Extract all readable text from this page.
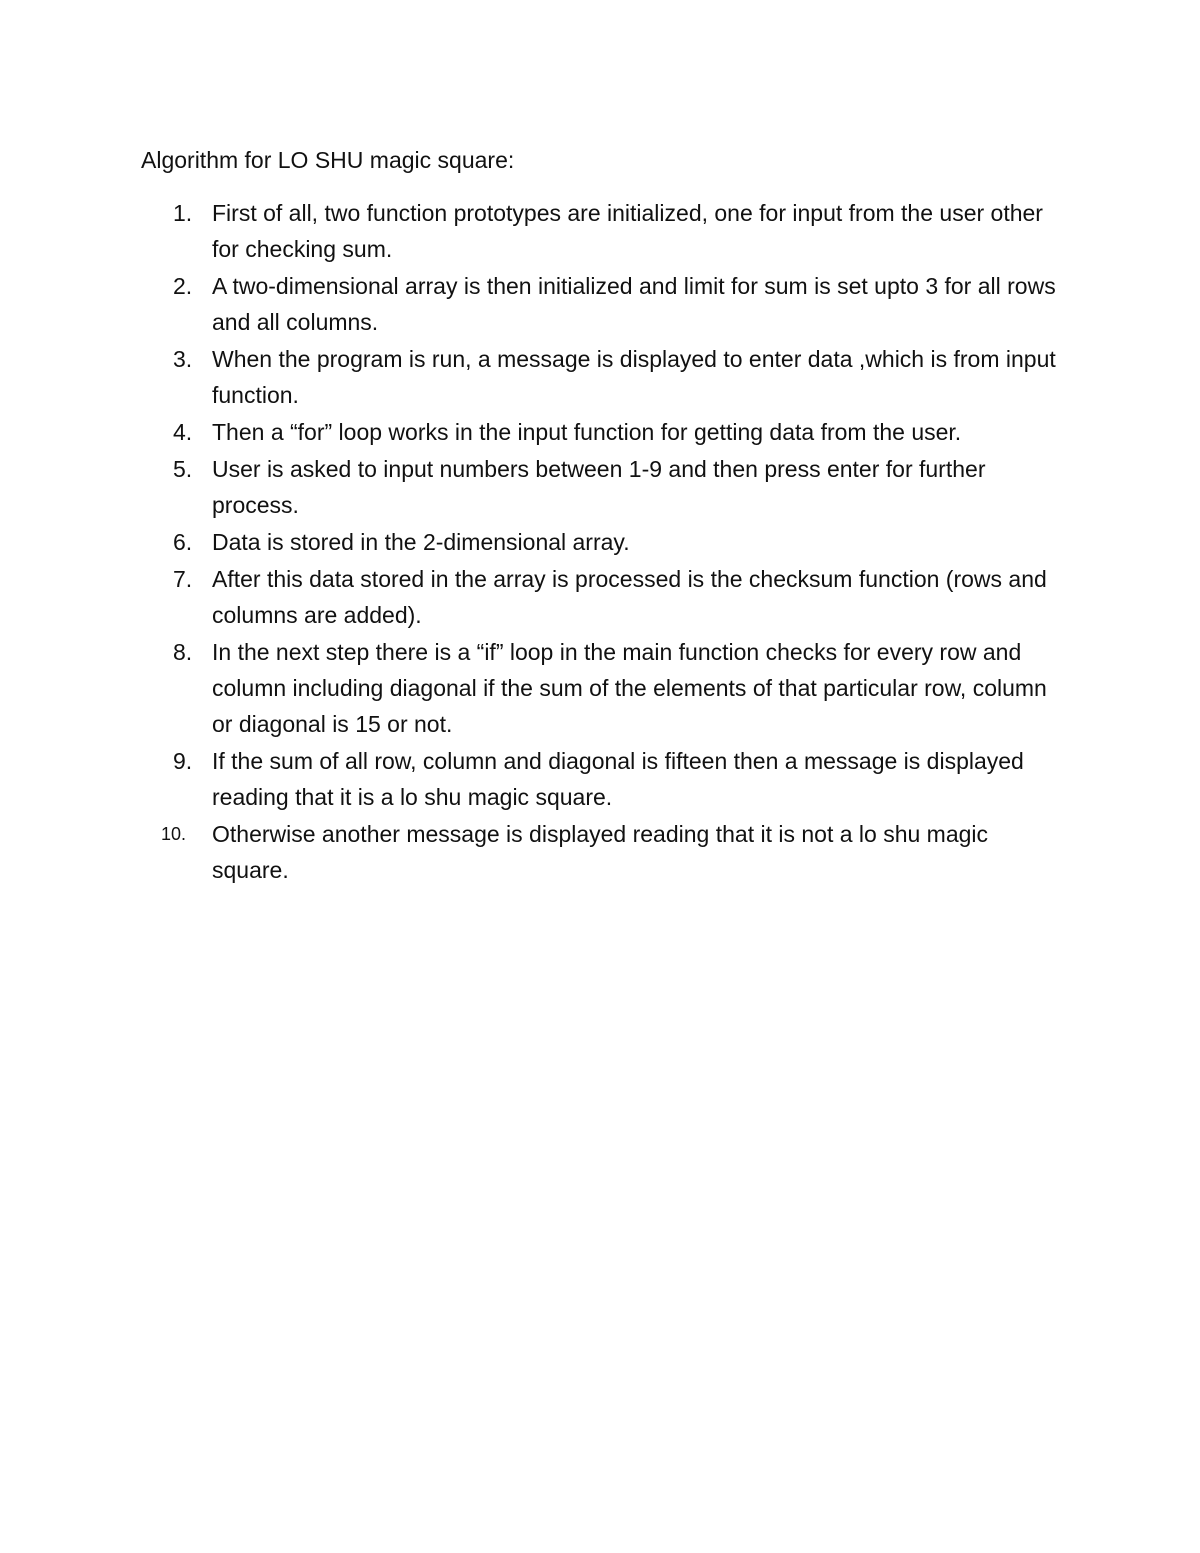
Algorithm for LO SHU magic square:
1. First of all, two function prototypes are initialized, one for input from the user other for checking sum.
2. A two-dimensional array is then initialized and limit for sum is set upto 3 for all rows and all columns.
3. When the program is run, a message is displayed to enter data ,which is from input function.
4. Then a “for” loop works in the input function for getting data from the user.
5. User is asked to input numbers between 1-9 and then press enter for further process.
6. Data is stored in the 2-dimensional array.
7. After this data stored in the array is processed is the checksum function (rows and columns are added).
8. In the next step there is a “if” loop in the main function checks for every row and column including diagonal if the sum of the elements of that particular row, column or diagonal is 15 or not.
9. If the sum of all row, column and diagonal is fifteen then a message is displayed reading that it is a lo shu magic square.
10. Otherwise another message is displayed reading that it is not a lo shu magic square.
